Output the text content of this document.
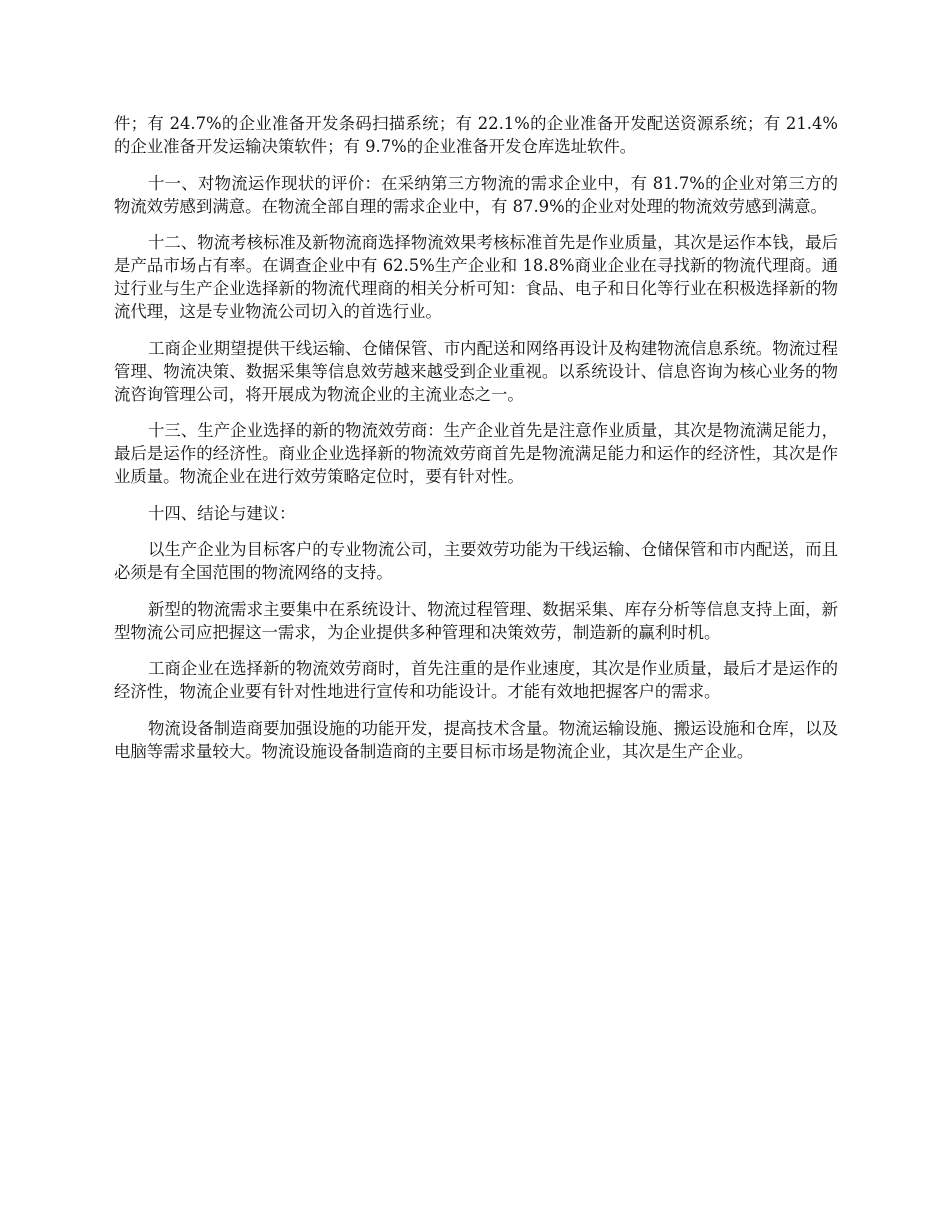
件；有 24.7%的企业准备开发条码扫描系统；有 22.1%的企业准备开发配送资源系统；有 21.4%的企业准备开发运输决策软件；有 9.7%的企业准备开发仓库选址软件。

十一、对物流运作现状的评价：在采纳第三方物流的需求企业中，有 81.7%的企业对第三方的物流效劳感到满意。在物流全部自理的需求企业中，有 87.9%的企业对处理的物流效劳感到满意。

十二、物流考核标准及新物流商选择物流效果考核标准首先是作业质量，其次是运作本钱，最后是产品市场占有率。在调查企业中有 62.5%生产企业和 18.8%商业企业在寻找新的物流代理商。通过行业与生产企业选择新的物流代理商的相关分析可知：食品、电子和日化等行业在积极选择新的物流代理，这是专业物流公司切入的首选行业。

工商企业期望提供干线运输、仓储保管、市内配送和网络再设计及构建物流信息系统。物流过程管理、物流决策、数据采集等信息效劳越来越受到企业重视。以系统设计、信息咨询为核心业务的物流咨询管理公司，将开展成为物流企业的主流业态之一。

十三、生产企业选择的新的物流效劳商：生产企业首先是注意作业质量，其次是物流满足能力，最后是运作的经济性。商业企业选择新的物流效劳商首先是物流满足能力和运作的经济性，其次是作业质量。物流企业在进行效劳策略定位时，要有针对性。

十四、结论与建议：

以生产企业为目标客户的专业物流公司，主要效劳功能为干线运输、仓储保管和市内配送，而且必须是有全国范围的物流网络的支持。

新型的物流需求主要集中在系统设计、物流过程管理、数据采集、库存分析等信息支持上面，新型物流公司应把握这一需求，为企业提供多种管理和决策效劳，制造新的赢利时机。

工商企业在选择新的物流效劳商时，首先注重的是作业速度，其次是作业质量，最后才是运作的经济性，物流企业要有针对性地进行宣传和功能设计。才能有效地把握客户的需求。

物流设备制造商要加强设施的功能开发，提高技术含量。物流运输设施、搬运设施和仓库，以及电脑等需求量较大。物流设施设备制造商的主要目标市场是物流企业，其次是生产企业。
